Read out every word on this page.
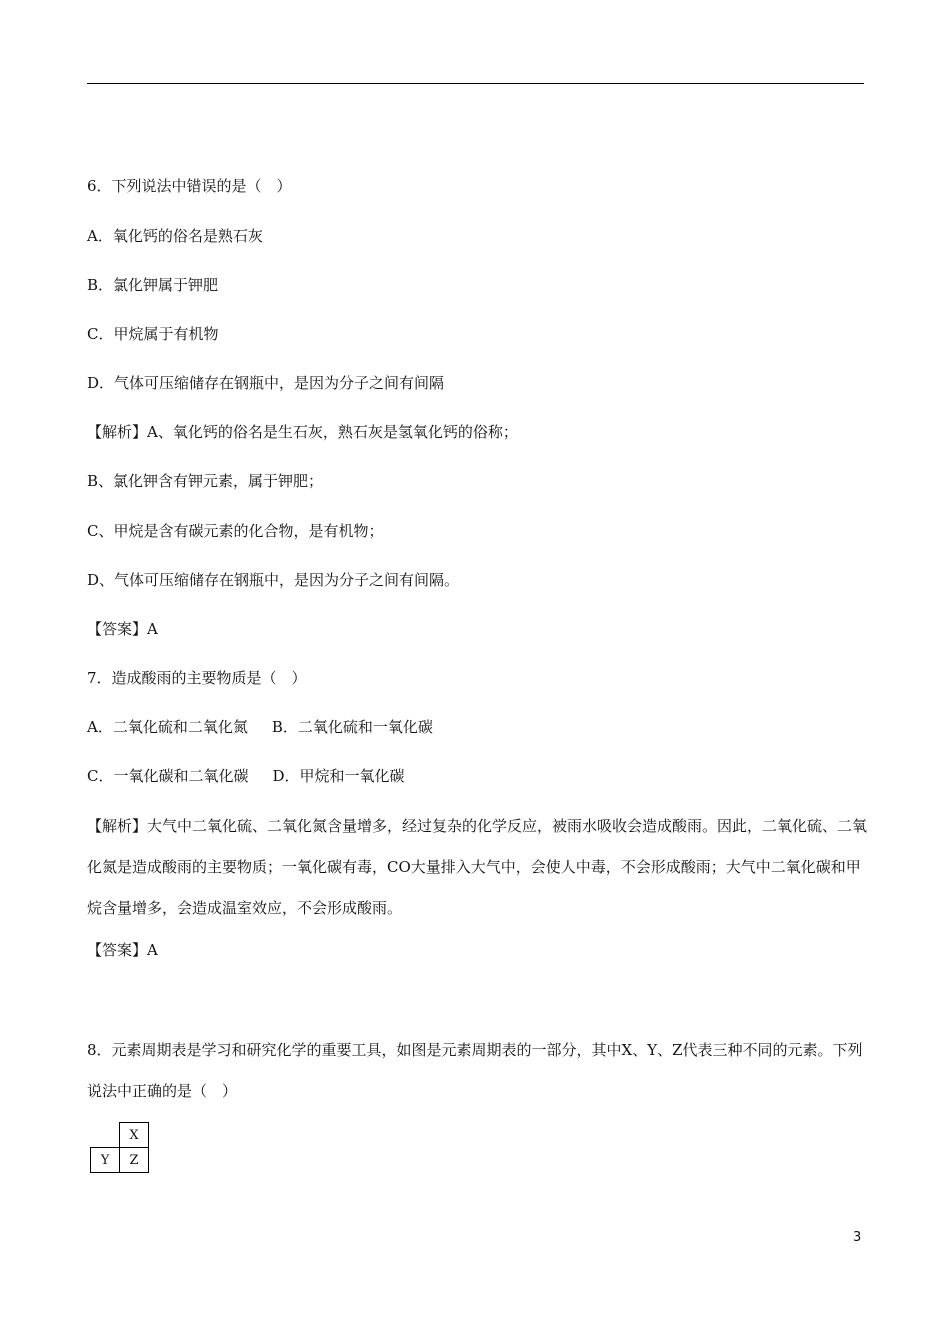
6．下列说法中错误的是（　）
A．氧化钙的俗名是熟石灰
B．氯化钾属于钾肥
C．甲烷属于有机物
D．气体可压缩储存在钢瓶中，是因为分子之间有间隔
【解析】A、氧化钙的俗名是生石灰，熟石灰是氢氧化钙的俗称；
B、氯化钾含有钾元素，属于钾肥；
C、甲烷是含有碳元素的化合物，是有机物；
D、气体可压缩储存在钢瓶中，是因为分子之间有间隔。
【答案】A
7．造成酸雨的主要物质是（　）
A．二氧化硫和二氧化氮 B．二氧化硫和一氧化碳
C．一氧化碳和二氧化碳 D．甲烷和一氧化碳
【解析】大气中二氧化硫、二氧化氮含量增多，经过复杂的化学反应，被雨水吸收会造成酸雨。因此，二氧化硫、二氧化氮是造成酸雨的主要物质；一氧化碳有毒，CO大量排入大气中，会使人中毒，不会形成酸雨；大气中二氧化碳和甲烷含量增多，会造成温室效应，不会形成酸雨。
【答案】A
8．元素周期表是学习和研究化学的重要工具，如图是元素周期表的一部分，其中X、Y、Z代表三种不同的元素。下列说法中正确的是（　）
	X
Y	Z
3
